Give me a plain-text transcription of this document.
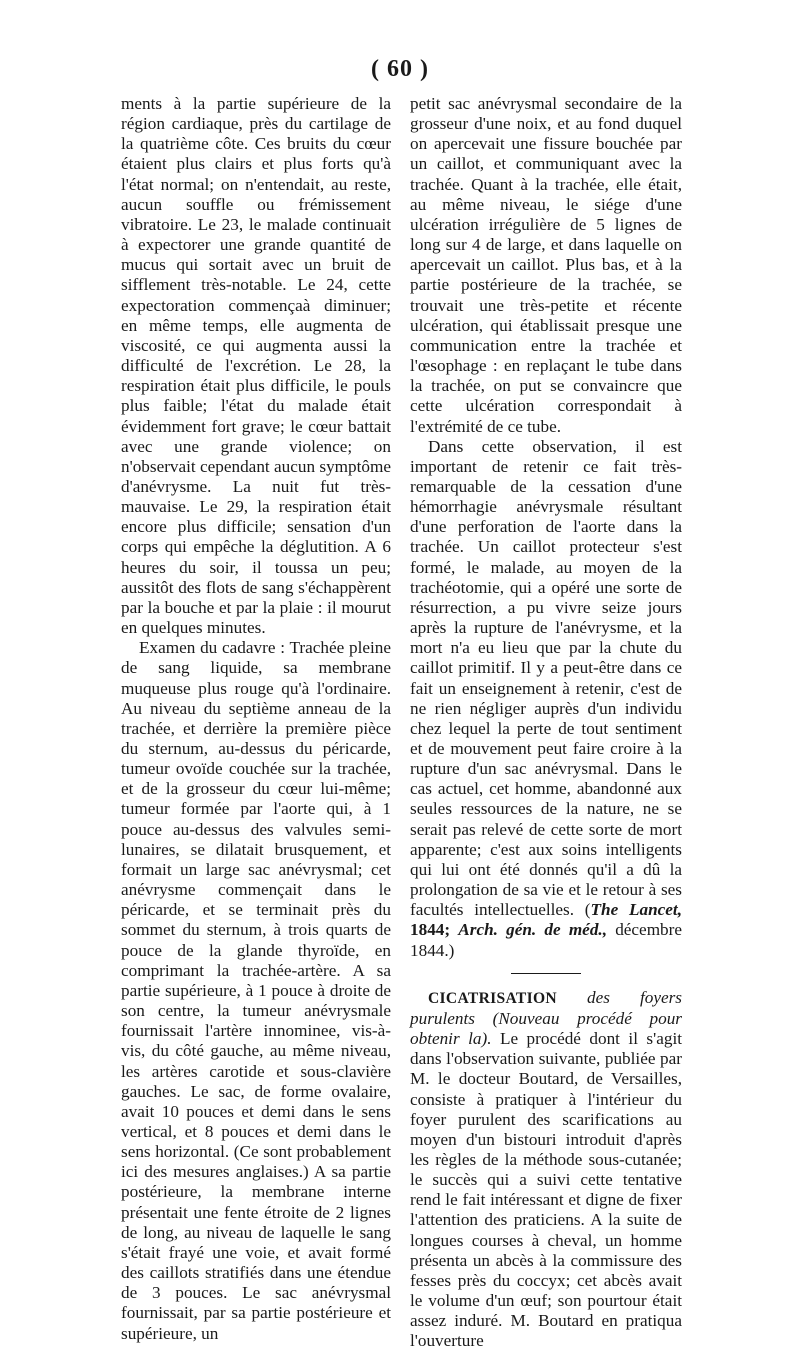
( 60 )

ments à la partie supérieure de la région cardiaque, près du cartilage de la quatrième côte. Ces bruits du cœur étaient plus clairs et plus forts qu'à l'état normal; on n'entendait, au reste, aucun souffle ou frémissement vibratoire. Le 23, le malade continuait à expectorer une grande quantité de mucus qui sortait avec un bruit de sifflement très-notable. Le 24, cette expectoration commençaà diminuer; en même temps, elle augmenta de viscosité, ce qui augmenta aussi la difficulté de l'excrétion. Le 28, la respiration était plus difficile, le pouls plus faible; l'état du malade était évidemment fort grave; le cœur battait avec une grande violence; on n'observait cependant aucun symptôme d'anévrysme. La nuit fut très-mauvaise. Le 29, la respiration était encore plus difficile; sensation d'un corps qui empêche la déglutition. A 6 heures du soir, il toussa un peu; aussitôt des flots de sang s'échappèrent par la bouche et par la plaie : il mourut en quelques minutes.

Examen du cadavre : Trachée pleine de sang liquide, sa membrane muqueuse plus rouge qu'à l'ordinaire. Au niveau du septième anneau de la trachée, et derrière la première pièce du sternum, au-dessus du péricarde, tumeur ovoïde couchée sur la trachée, et de la grosseur du cœur lui-même; tumeur formée par l'aorte qui, à 1 pouce au-dessus des valvules semi-lunaires, se dilatait brusquement, et formait un large sac anévrysmal; cet anévrysme commençait dans le péricarde, et se terminait près du sommet du sternum, à trois quarts de pouce de la glande thyroïde, en comprimant la trachée-artère. A sa partie supérieure, à 1 pouce à droite de son centre, la tumeur anévrysmale fournissait l'artère innominee, vis-à-vis, du côté gauche, au même niveau, les artères carotide et sous-clavière gauches. Le sac, de forme ovalaire, avait 10 pouces et demi dans le sens vertical, et 8 pouces et demi dans le sens horizontal. (Ce sont probablement ici des mesures anglaises.) A sa partie postérieure, la membrane interne présentait une fente étroite de 2 lignes de long, au niveau de laquelle le sang s'était frayé une voie, et avait formé des caillots stratifiés dans une étendue de 3 pouces. Le sac anévrysmal fournissait, par sa partie postérieure et supérieure, un

petit sac anévrysmal secondaire de la grosseur d'une noix, et au fond duquel on apercevait une fissure bouchée par un caillot, et communiquant avec la trachée. Quant à la trachée, elle était, au même niveau, le siége d'une ulcération irrégulière de 5 lignes de long sur 4 de large, et dans laquelle on apercevait un caillot. Plus bas, et à la partie postérieure de la trachée, se trouvait une très-petite et récente ulcération, qui établissait presque une communication entre la trachée et l'œsophage : en replaçant le tube dans la trachée, on put se convaincre que cette ulcération correspondait à l'extrémité de ce tube.

Dans cette observation, il est important de retenir ce fait très-remarquable de la cessation d'une hémorrhagie anévrysmale résultant d'une perforation de l'aorte dans la trachée. Un caillot protecteur s'est formé, le malade, au moyen de la trachéotomie, qui a opéré une sorte de résurrection, a pu vivre seize jours après la rupture de l'anévrysme, et la mort n'a eu lieu que par la chute du caillot primitif. Il y a peut-être dans ce fait un enseignement à retenir, c'est de ne rien négliger auprès d'un individu chez lequel la perte de tout sentiment et de mouvement peut faire croire à la rupture d'un sac anévrysmal. Dans le cas actuel, cet homme, abandonné aux seules ressources de la nature, ne se serait pas relevé de cette sorte de mort apparente; c'est aux soins intelligents qui lui ont été donnés qu'il a dû la prolongation de sa vie et le retour à ses facultés intellectuelles. (The Lancet, 1844; Arch. gén. de méd., décembre 1844.)

CICATRISATION des foyers purulents (Nouveau procédé pour obtenir la). Le procédé dont il s'agit dans l'observation suivante, publiée par M. le docteur Boutard, de Versailles, consiste à pratiquer à l'intérieur du foyer purulent des scarifications au moyen d'un bistouri introduit d'après les règles de la méthode sous-cutanée; le succès qui a suivi cette tentative rend le fait intéressant et digne de fixer l'attention des praticiens. A la suite de longues courses à cheval, un homme présenta un abcès à la commissure des fesses près du coccyx; cet abcès avait le volume d'un œuf; son pourtour était assez induré. M. Boutard en pratiqua l'ouverture
